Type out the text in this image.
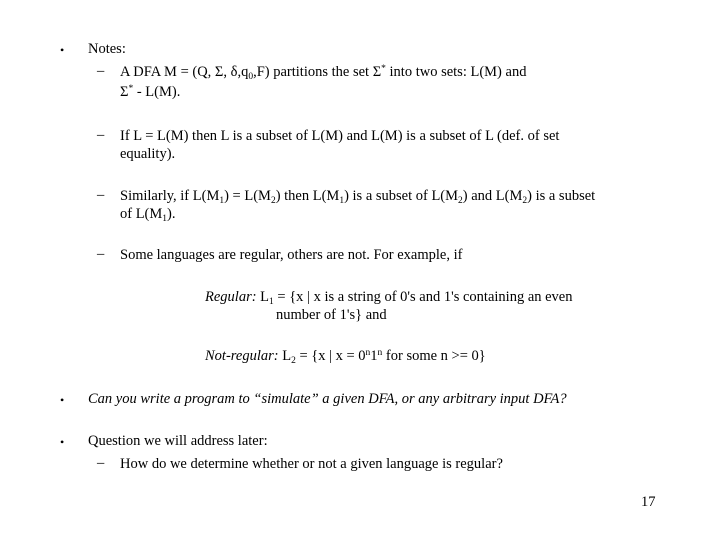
• Notes:
– A DFA M = (Q, Σ, $\delta,q_0,F$) partitions the set Σ* into two sets: L(M) and
Σ* - L(M).
– If L = L(M) then L is a subset of L(M) and L(M) is a subset of L (def. of set
equality).
– Similarly, if $L(M_1) = L(M_2)$ then $L(M_1)$ is a subset of $L(M_2)$ and $L(M_2)$ is a subset
of $L(M_1)$.
– Some languages are regular, others are not. For example, if
Regular: $L_1 = \{x$ | x is a string of 0's and 1's containing an even
number of 1's} and
Not-regular: $L_2 = \{x$ | $x = 0^n1^n$ for some n >= 0}
• Can you write a program to “simulate” a given DFA, or any arbitrary input DFA?
• Question we will address later:
– How do we determine whether or not a given language is regular?
17
